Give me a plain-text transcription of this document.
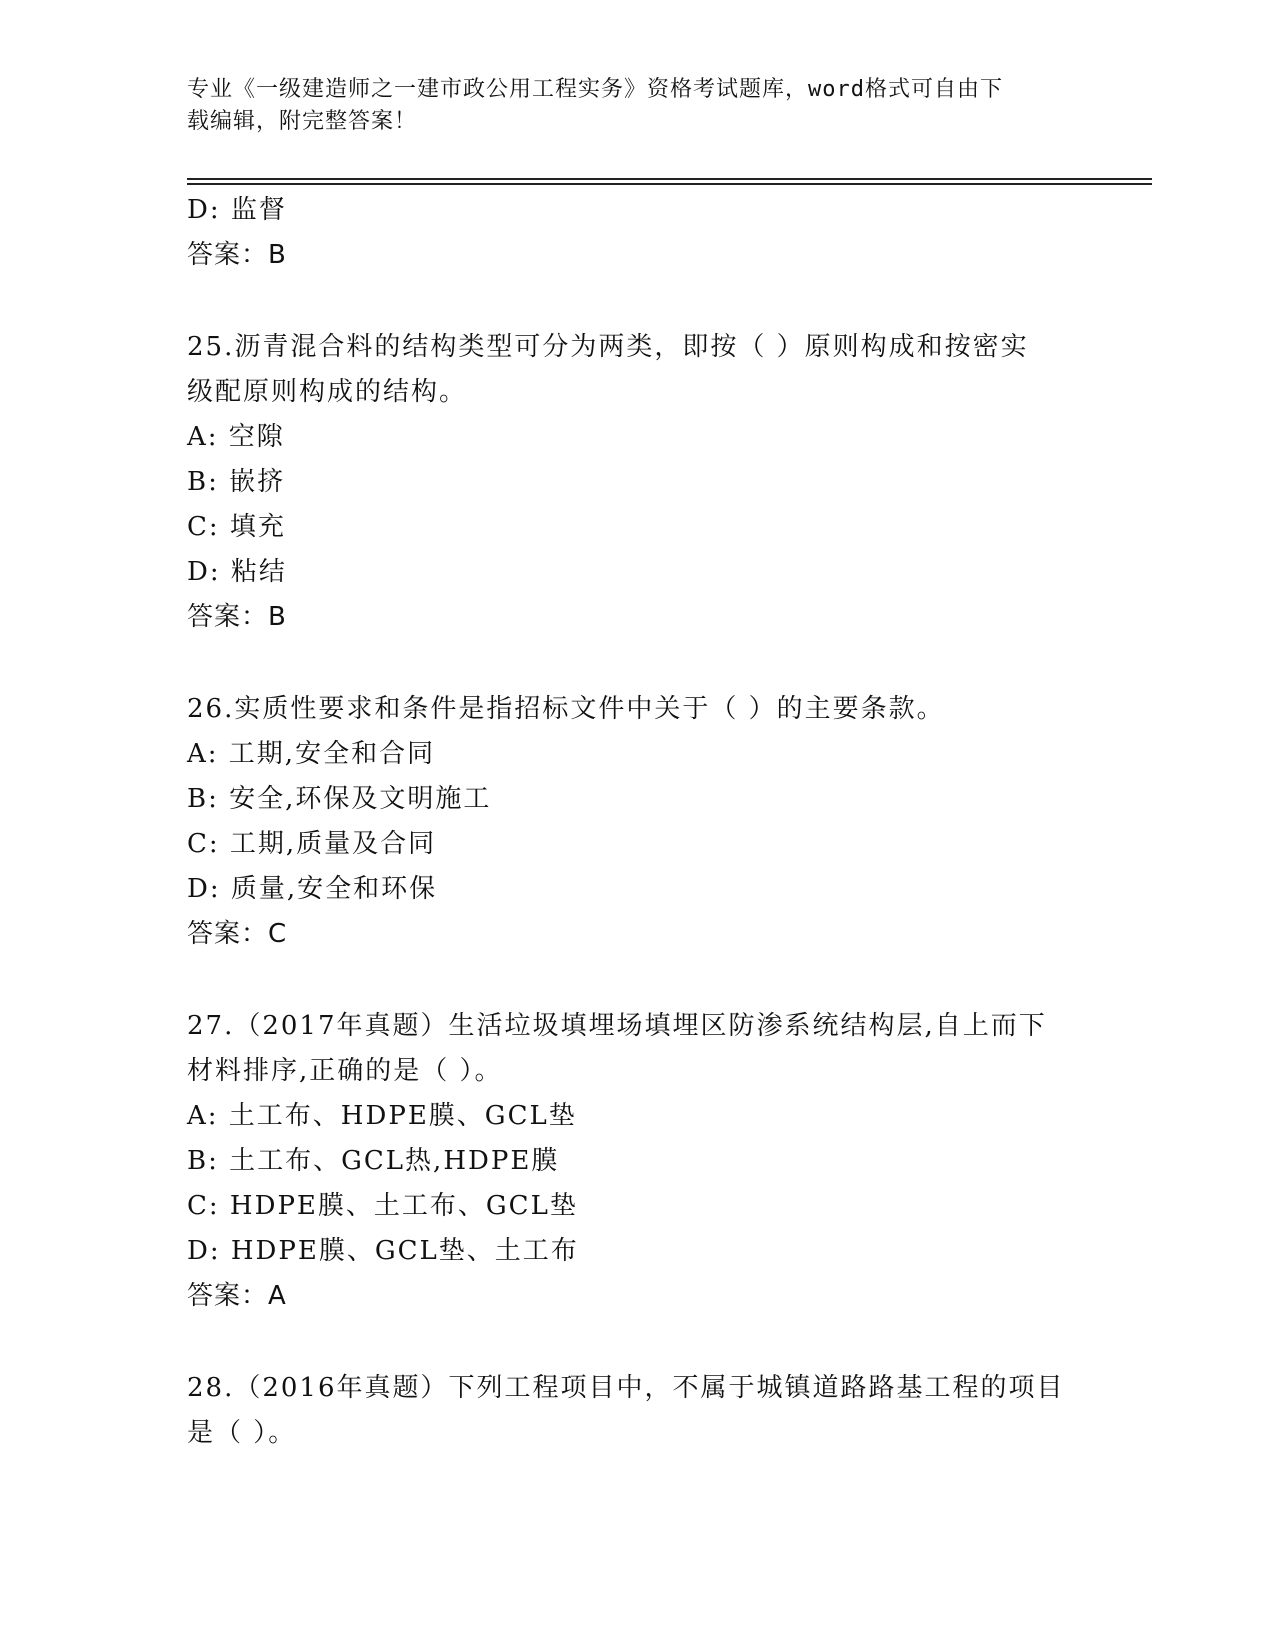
专业《一级建造师之一建市政公用工程实务》资格考试题库，word格式可自由下
载编辑，附完整答案！
D: 监督
答案：B
25.沥青混合料的结构类型可分为两类，即按（ ）原则构成和按密实
级配原则构成的结构。
A: 空隙
B: 嵌挤
C: 填充
D: 粘结
答案：B
26.实质性要求和条件是指招标文件中关于（ ）的主要条款。
A: 工期,安全和合同
B: 安全,环保及文明施工
C: 工期,质量及合同
D: 质量,安全和环保
答案：C
27.（2017年真题）生活垃圾填埋场填埋区防渗系统结构层,自上而下
材料排序,正确的是（ ）。
A: 土工布、HDPE膜、GCL垫
B: 土工布、GCL热,HDPE膜
C: HDPE膜、土工布、GCL垫
D: HDPE膜、GCL垫、土工布
答案：A
28.（2016年真题）下列工程项目中，不属于城镇道路路基工程的项目
是（ ）。
